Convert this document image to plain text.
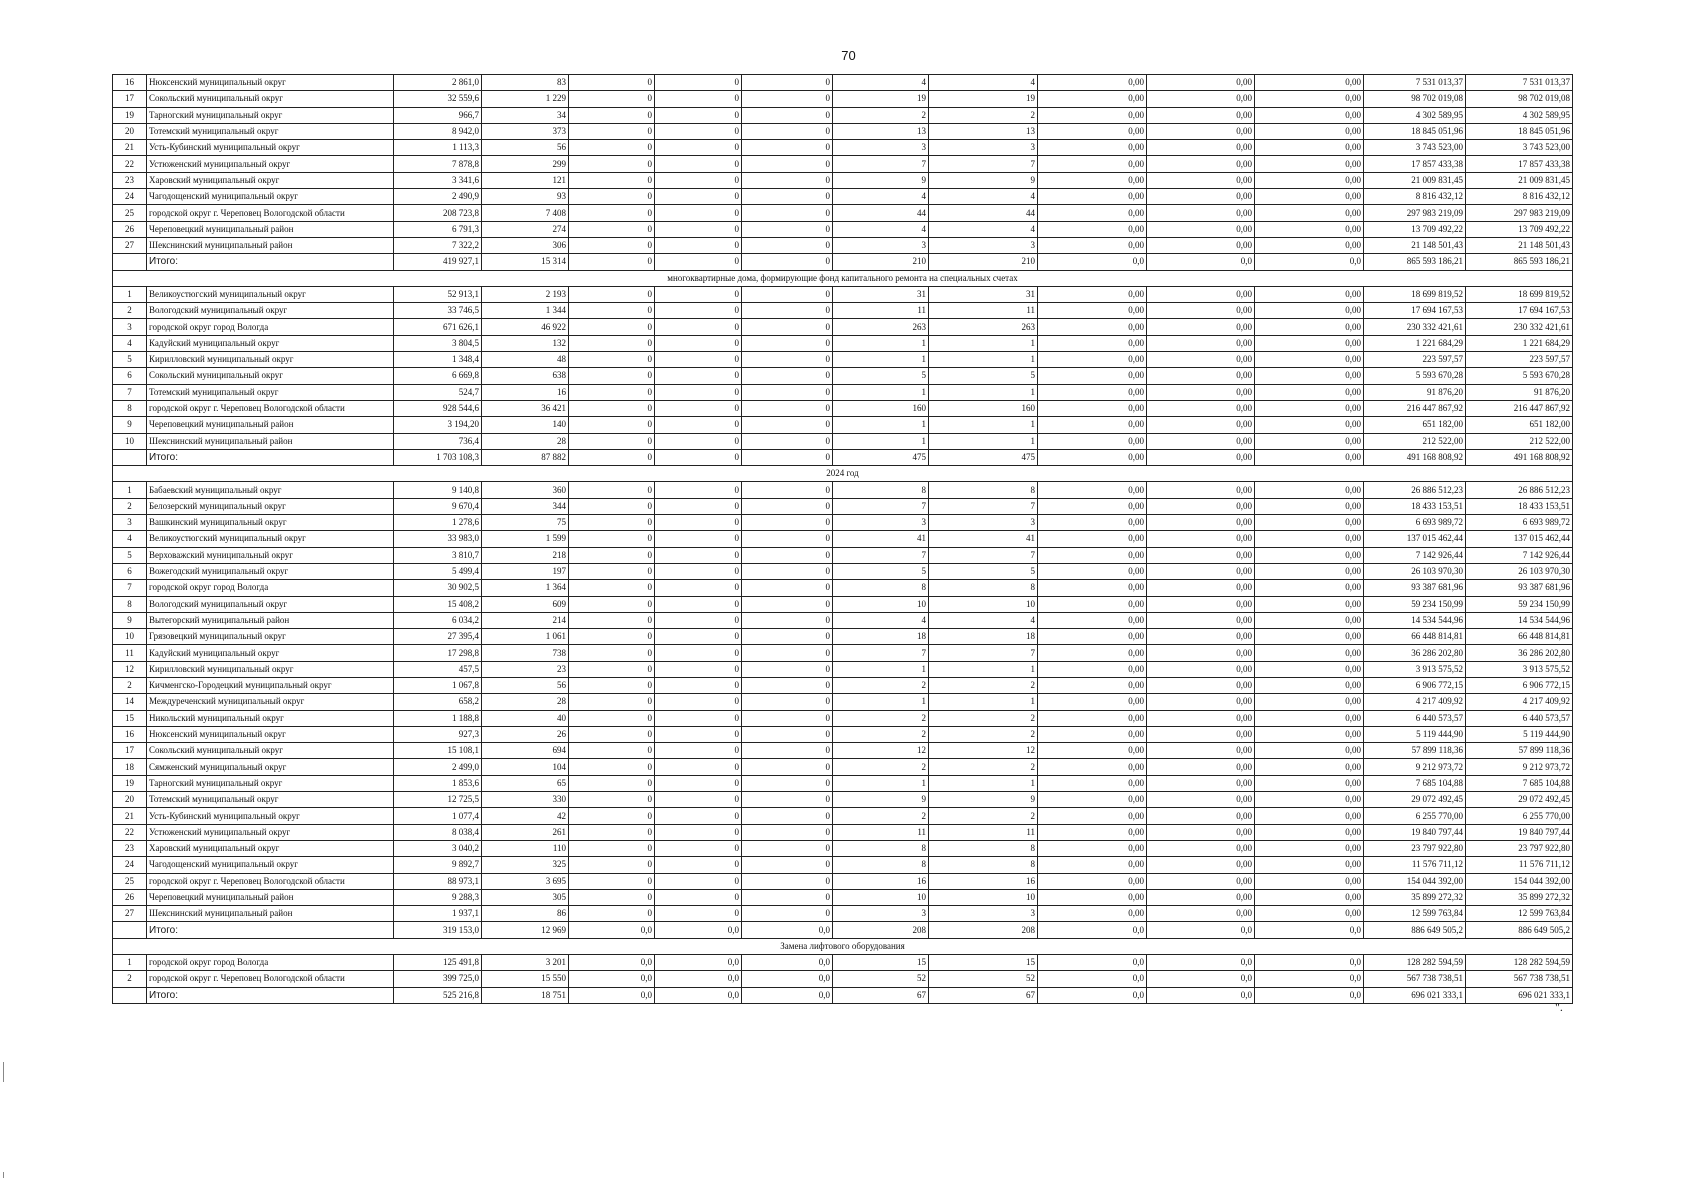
70
16	Нюксенский муниципальный округ	2 861,0	83	0	0	0	4	4	0,00	0,00	0,00	7 531 013,37	7 531 013,37
17	Сокольский муниципальный округ	32 559,6	1 229	0	0	0	19	19	0,00	0,00	0,00	98 702 019,08	98 702 019,08
19	Тарногский муниципальный округ	966,7	34	0	0	0	2	2	0,00	0,00	0,00	4 302 589,95	4 302 589,95
20	Тотемский муниципальный округ	8 942,0	373	0	0	0	13	13	0,00	0,00	0,00	18 845 051,96	18 845 051,96
21	Усть-Кубинский муниципальный округ	1 113,3	56	0	0	0	3	3	0,00	0,00	0,00	3 743 523,00	3 743 523,00
22	Устюженский муниципальный округ	7 878,8	299	0	0	0	7	7	0,00	0,00	0,00	17 857 433,38	17 857 433,38
23	Харовский муниципальный округ	3 341,6	121	0	0	0	9	9	0,00	0,00	0,00	21 009 831,45	21 009 831,45
24	Чагодощенский муниципальный округ	2 490,9	93	0	0	0	4	4	0,00	0,00	0,00	8 816 432,12	8 816 432,12
25	городской округ г. Череповец Вологодской области	208 723,8	7 408	0	0	0	44	44	0,00	0,00	0,00	297 983 219,09	297 983 219,09
26	Череповецкий муниципальный район	6 791,3	274	0	0	0	4	4	0,00	0,00	0,00	13 709 492,22	13 709 492,22
27	Шекснинский муниципальный район	7 322,2	306	0	0	0	3	3	0,00	0,00	0,00	21 148 501,43	21 148 501,43
	Итого:	419 927,1	15 314	0	0	0	210	210	0,0	0,0	0,0	865 593 186,21	865 593 186,21
многоквартирные дома, формирующие фонд капитального ремонта на специальных счетах													
1	Великоустюгский муниципальный округ	52 913,1	2 193	0	0	0	31	31	0,00	0,00	0,00	18 699 819,52	18 699 819,52
2	Вологодский муниципальный округ	33 746,5	1 344	0	0	0	11	11	0,00	0,00	0,00	17 694 167,53	17 694 167,53
3	городской округ город Вологда	671 626,1	46 922	0	0	0	263	263	0,00	0,00	0,00	230 332 421,61	230 332 421,61
4	Кадуйский муниципальный округ	3 804,5	132	0	0	0	1	1	0,00	0,00	0,00	1 221 684,29	1 221 684,29
5	Кирилловский муниципальный округ	1 348,4	48	0	0	0	1	1	0,00	0,00	0,00	223 597,57	223 597,57
6	Сокольский муниципальный округ	6 669,8	638	0	0	0	5	5	0,00	0,00	0,00	5 593 670,28	5 593 670,28
7	Тотемский муниципальный округ	524,7	16	0	0	0	1	1	0,00	0,00	0,00	91 876,20	91 876,20
8	городской округ г. Череповец Вологодской области	928 544,6	36 421	0	0	0	160	160	0,00	0,00	0,00	216 447 867,92	216 447 867,92
9	Череповецкий муниципальный район	3 194,20	140	0	0	0	1	1	0,00	0,00	0,00	651 182,00	651 182,00
10	Шекснинский муниципальный район	736,4	28	0	0	0	1	1	0,00	0,00	0,00	212 522,00	212 522,00
	Итого:	1 703 108,3	87 882	0	0	0	475	475	0,00	0,00	0,00	491 168 808,92	491 168 808,92
2024 год													
1	Бабаевский муниципальный округ	9 140,8	360	0	0	0	8	8	0,00	0,00	0,00	26 886 512,23	26 886 512,23
2	Белозерский муниципальный округ	9 670,4	344	0	0	0	7	7	0,00	0,00	0,00	18 433 153,51	18 433 153,51
3	Вашкинский муниципальный округ	1 278,6	75	0	0	0	3	3	0,00	0,00	0,00	6 693 989,72	6 693 989,72
4	Великоустюгский муниципальный округ	33 983,0	1 599	0	0	0	41	41	0,00	0,00	0,00	137 015 462,44	137 015 462,44
5	Верховажский муниципальный округ	3 810,7	218	0	0	0	7	7	0,00	0,00	0,00	7 142 926,44	7 142 926,44
6	Вожегодский муниципальный округ	5 499,4	197	0	0	0	5	5	0,00	0,00	0,00	26 103 970,30	26 103 970,30
7	городской округ город Вологда	30 902,5	1 364	0	0	0	8	8	0,00	0,00	0,00	93 387 681,96	93 387 681,96
8	Вологодский муниципальный округ	15 408,2	609	0	0	0	10	10	0,00	0,00	0,00	59 234 150,99	59 234 150,99
9	Вытегорский муниципальный район	6 034,2	214	0	0	0	4	4	0,00	0,00	0,00	14 534 544,96	14 534 544,96
10	Грязовецкий муниципальный округ	27 395,4	1 061	0	0	0	18	18	0,00	0,00	0,00	66 448 814,81	66 448 814,81
11	Кадуйский муниципальный округ	17 298,8	738	0	0	0	7	7	0,00	0,00	0,00	36 286 202,80	36 286 202,80
12	Кирилловский муниципальный округ	457,5	23	0	0	0	1	1	0,00	0,00	0,00	3 913 575,52	3 913 575,52
2	Кичменгско-Городецкий муниципальный округ	1 067,8	56	0	0	0	2	2	0,00	0,00	0,00	6 906 772,15	6 906 772,15
14	Междуреченский муниципальный округ	658,2	28	0	0	0	1	1	0,00	0,00	0,00	4 217 409,92	4 217 409,92
15	Никольский муниципальный округ	1 188,8	40	0	0	0	2	2	0,00	0,00	0,00	6 440 573,57	6 440 573,57
16	Нюксенский муниципальный округ	927,3	26	0	0	0	2	2	0,00	0,00	0,00	5 119 444,90	5 119 444,90
17	Сокольский муниципальный округ	15 108,1	694	0	0	0	12	12	0,00	0,00	0,00	57 899 118,36	57 899 118,36
18	Сямженский муниципальный округ	2 499,0	104	0	0	0	2	2	0,00	0,00	0,00	9 212 973,72	9 212 973,72
19	Тарногский муниципальный округ	1 853,6	65	0	0	0	1	1	0,00	0,00	0,00	7 685 104,88	7 685 104,88
20	Тотемский муниципальный округ	12 725,5	330	0	0	0	9	9	0,00	0,00	0,00	29 072 492,45	29 072 492,45
21	Усть-Кубинский муниципальный округ	1 077,4	42	0	0	0	2	2	0,00	0,00	0,00	6 255 770,00	6 255 770,00
22	Устюженский муниципальный округ	8 038,4	261	0	0	0	11	11	0,00	0,00	0,00	19 840 797,44	19 840 797,44
23	Харовский муниципальный округ	3 040,2	110	0	0	0	8	8	0,00	0,00	0,00	23 797 922,80	23 797 922,80
24	Чагодощенский муниципальный округ	9 892,7	325	0	0	0	8	8	0,00	0,00	0,00	11 576 711,12	11 576 711,12
25	городской округ г. Череповец Вологодской области	88 973,1	3 695	0	0	0	16	16	0,00	0,00	0,00	154 044 392,00	154 044 392,00
26	Череповецкий муниципальный район	9 288,3	305	0	0	0	10	10	0,00	0,00	0,00	35 899 272,32	35 899 272,32
27	Шекснинский муниципальный район	1 937,1	86	0	0	0	3	3	0,00	0,00	0,00	12 599 763,84	12 599 763,84
	Итого:	319 153,0	12 969	0,0	0,0	0,0	208	208	0,0	0,0	0,0	886 649 505,2	886 649 505,2
Замена лифтового оборудования													
1	городской округ город Вологда	125 491,8	3 201	0,0	0,0	0,0	15	15	0,0	0,0	0,0	128 282 594,59	128 282 594,59
2	городской округ г. Череповец Вологодской области	399 725,0	15 550	0,0	0,0	0,0	52	52	0,0	0,0	0,0	567 738 738,51	567 738 738,51
	Итого:	525 216,8	18 751	0,0	0,0	0,0	67	67	0,0	0,0	0,0	696 021 333,1	696 021 333,1
".
